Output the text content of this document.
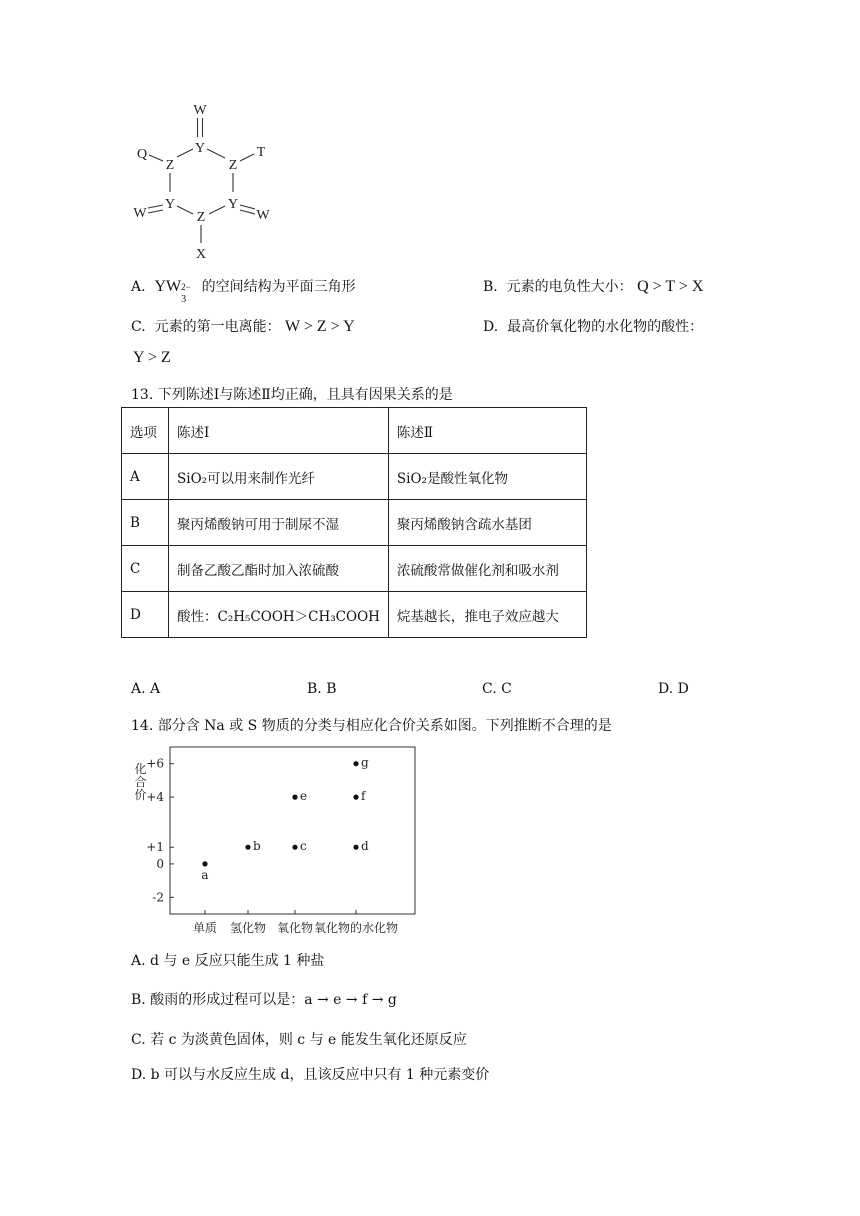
W
Y
Q
Z	Z
T
W
Y	Y
W
Z
X
A. YW 2−
3
的空间结构为平面三角形	B. 元素的电负性大小： Q > T > X
C. 元素的第一电离能： W > Z > Y	D. 最高价氧化物的水化物的酸性：
Y > Z
13. 下列陈述Ⅰ与陈述Ⅱ均正确，且具有因果关系的是
选项	陈述Ⅰ	陈述Ⅱ
A	SiO₂可以用来制作光纤	SiO₂是酸性氧化物
B	聚丙烯酸钠可用于制尿不湿	聚丙烯酸钠含疏水基团
C	制备乙酸乙酯时加入浓硫酸	浓硫酸常做催化剂和吸水剂
D	酸性：C₂H₅COOH＞CH₃COOH	烷基越长，推电子效应越大
A. A	B. B	C. C	D. D
14. 部分含 Na 或 S 物质的分类与相应化合价关系如图。下列推断不合理的是
+6
+4
+1
0
-2
化合价
单质 氢化物 氧化物 氧化物的水化物
a
b	c
e
d
f
g
A. d 与 e 反应只能生成 1 种盐
B. 酸雨的形成过程可以是：a → e → f → g
C. 若 c 为淡黄色固体，则 c 与 e 能发生氧化还原反应
D. b 可以与水反应生成 d，且该反应中只有 1 种元素变价
